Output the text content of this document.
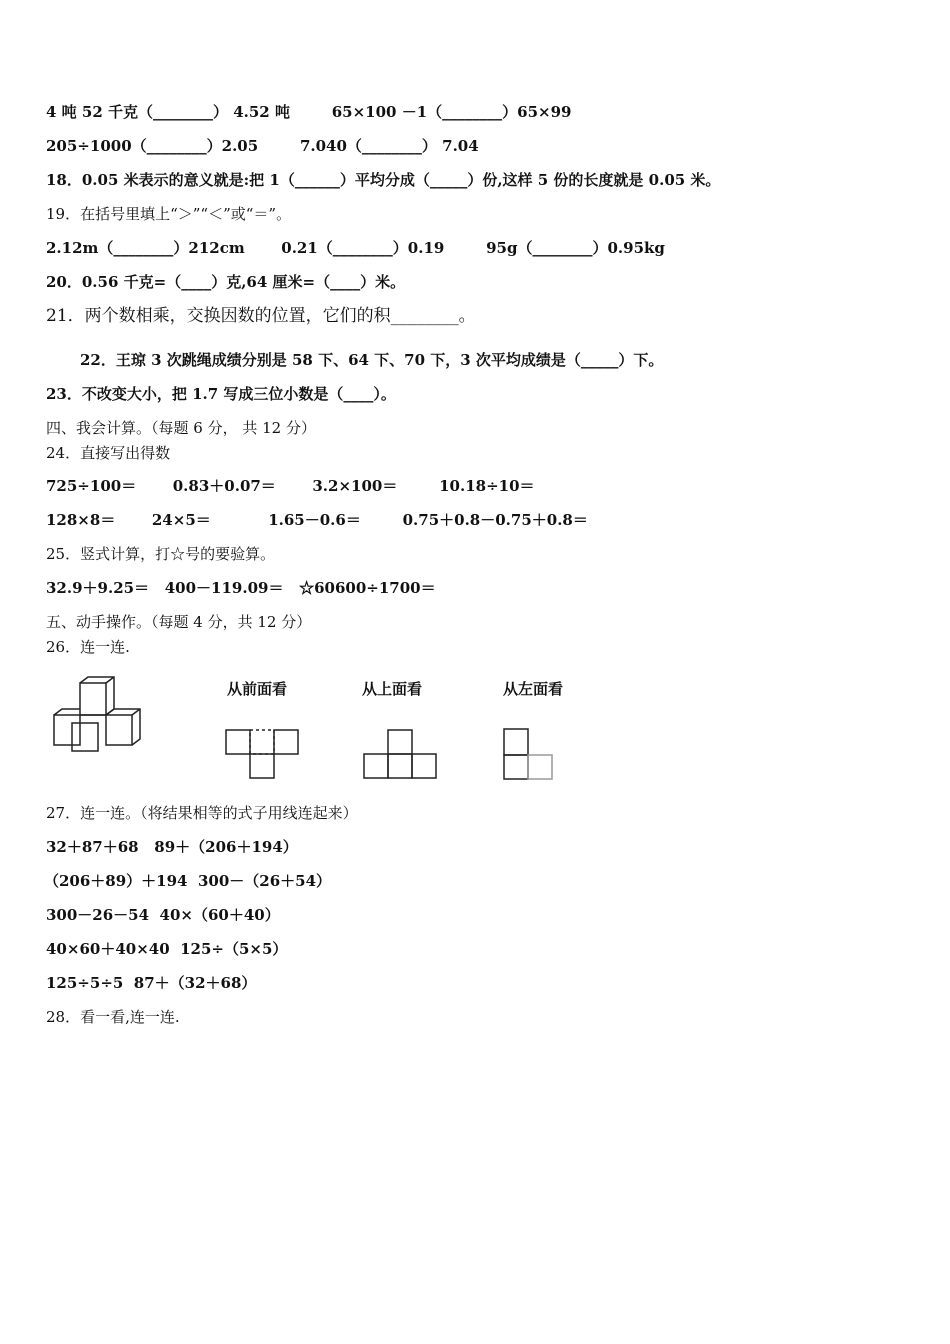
4 吨 52 千克（________） 4.52 吨        65×100 －1（________）65×99
205÷1000（________）2.05        7.040（________） 7.04
18．0.05 米表示的意义就是:把 1（______）平均分成（_____）份,这样 5 份的长度就是 0.05 米。
19．在括号里填上“＞”“＜”或“＝”。
2.12m（________）212cm       0.21（________）0.19        95g（________）0.95kg
20．0.56 千克=（____）克,64 厘米=（____）米。
21．两个数相乘，交换因数的位置，它们的积________。
22．王琼 3 次跳绳成绩分别是 58 下、64 下、70 下，3 次平均成绩是（_____）下。
23．不改变大小，把 1.7 写成三位小数是（____）。
四、我会计算。（每题 6 分， 共 12 分）
24．直接写出得数
725÷100＝       0.83＋0.07＝       3.2×100＝        10.18÷10＝
128×8＝       24×5＝           1.65－0.6＝        0.75＋0.8－0.75＋0.8＝
25．竖式计算，打☆号的要验算。
32.9＋9.25＝   400－119.09＝   ☆60600÷1700＝
五、动手操作。（每题 4 分，共 12 分）
26．连一连.
从前面看	从上面看	从左面看
27．连一连。（将结果相等的式子用线连起来）
32＋87＋68   89＋（206＋194）
（206＋89）＋194  300－（26＋54）
300－26－54  40×（60＋40）
40×60＋40×40  125÷（5×5）
125÷5÷5  87＋（32＋68）
28．看一看,连一连.
